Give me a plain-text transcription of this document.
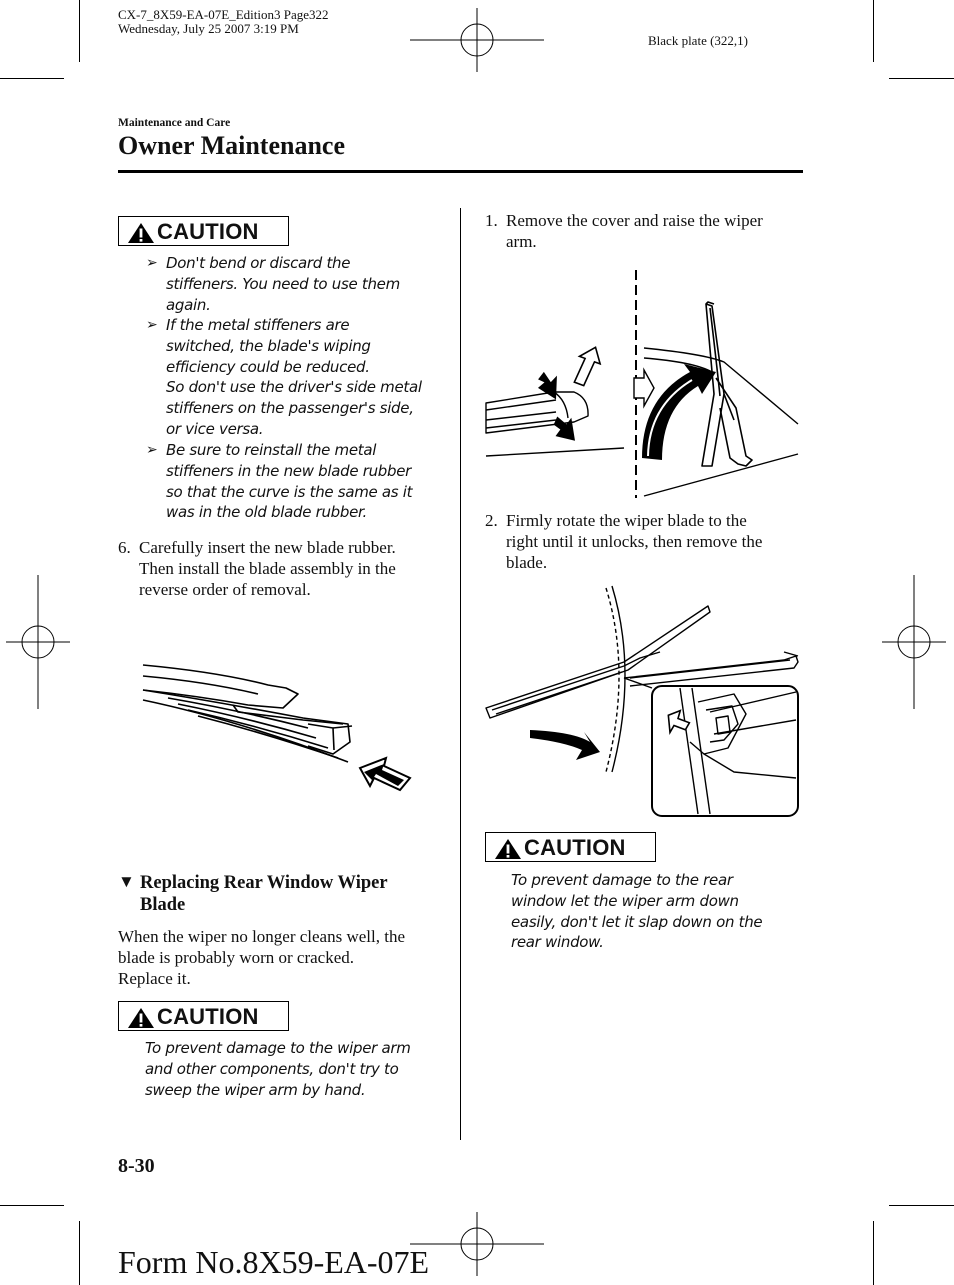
CX-7_8X59-EA-07E_Edition3 Page322
Wednesday, July 25 2007 3:19 PM
Black plate (322,1)
Maintenance and Care
Owner Maintenance
CAUTION
➢ Don't bend or discard the
stiffeners. You need to use them
again.
➢ If the metal stiffeners are
switched, the blade's wiping
efficiency could be reduced.
So don't use the driver's side metal
stiffeners on the passenger's side,
or vice versa.
➢ Be sure to reinstall the metal
stiffeners in the new blade rubber
so that the curve is the same as it
was in the old blade rubber.
6. Carefully insert the new blade rubber.
Then install the blade assembly in the
reverse order of removal.
▼ Replacing Rear Window Wiper
Blade
When the wiper no longer cleans well, the
blade is probably worn or cracked.
Replace it.
CAUTION
To prevent damage to the wiper arm
and other components, don't try to
sweep the wiper arm by hand.
8-30
Form No.8X59-EA-07E
1. Remove the cover and raise the wiper
arm.
2. Firmly rotate the wiper blade to the
right until it unlocks, then remove the
blade.
CAUTION
To prevent damage to the rear
window let the wiper arm down
easily, don't let it slap down on the
rear window.
